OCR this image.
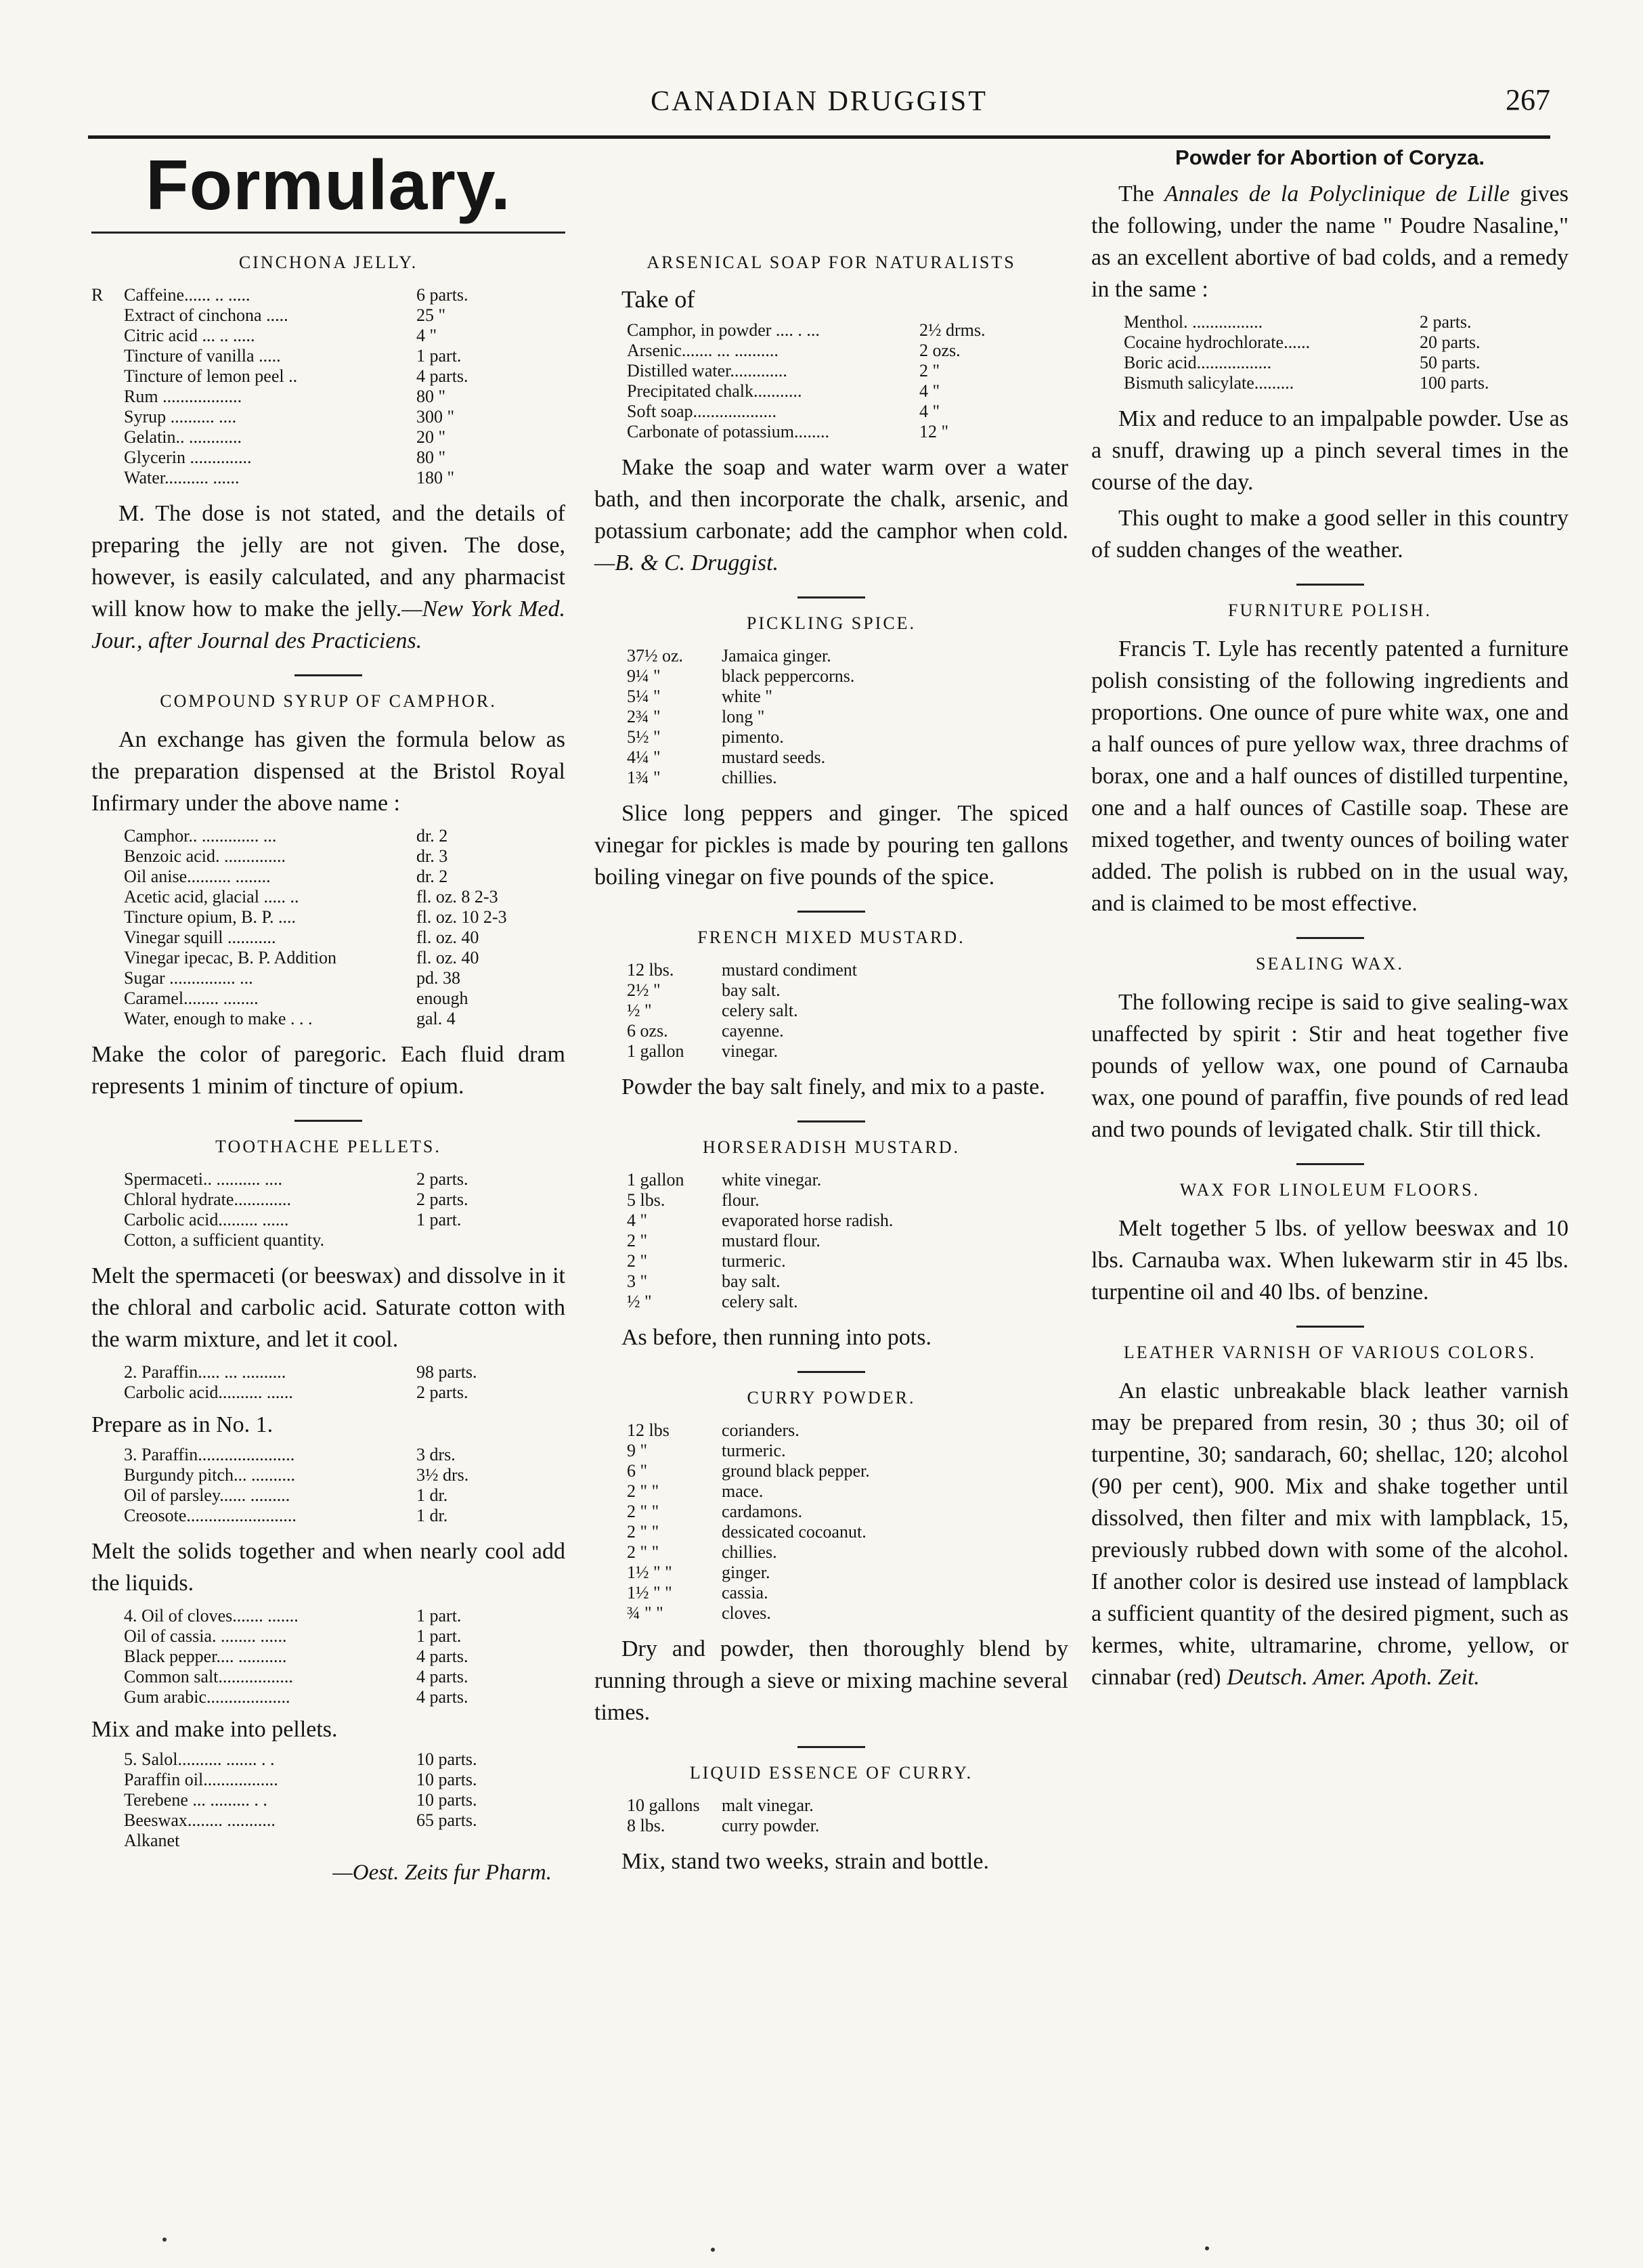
CANADIAN DRUGGIST	267
Formulary.
CINCHONA JELLY.
R	Caffeine...... .. .....	6 parts.
Extract of cinchona .....	25 "
Citric acid ... .. .....	4 "
Tincture of vanilla .....	1 part.
Tincture of lemon peel ..	4 parts.
Rum ..................	80 "
Syrup .......... ....	300 "
Gelatin.. ............	20 "
Glycerin ..............	80 "
Water.......... ......	180 "
M. The dose is not stated, and the details of preparing the jelly are not given. The dose, however, is easily calculated, and any pharmacist will know how to make the jelly.—New York Med. Jour., after Journal des Practiciens.
COMPOUND SYRUP OF CAMPHOR.
An exchange has given the formula below as the preparation dispensed at the Bristol Royal Infirmary under the above name :
Camphor.. ............. ...	dr. 2
Benzoic acid. ..............	dr. 3
Oil anise.......... ........	dr. 2
Acetic acid, glacial ..... ..	fl. oz. 8 2-3
Tincture opium, B. P. ....	fl. oz. 10 2-3
Vinegar squill ...........	fl. oz. 40
Vinegar ipecac, B. P. Addition	fl. oz. 40
Sugar ............... ...	pd. 38
Caramel........ ........	enough
Water, enough to make . . .	gal. 4
Make the color of paregoric. Each fluid dram represents 1 minim of tincture of opium.
TOOTHACHE PELLETS.
Spermaceti.. .......... ....	2 parts.
Chloral hydrate.............	2 parts.
Carbolic acid......... ......	1 part.
Cotton, a sufficient quantity.
Melt the spermaceti (or beeswax) and dissolve in it the chloral and carbolic acid. Saturate cotton with the warm mixture, and let it cool.
2. Paraffin..... ... ..........	98 parts.
Carbolic acid.......... ......	2 parts.
Prepare as in No. 1.
3. Paraffin......................	3 drs.
Burgundy pitch... ..........	3½ drs.
Oil of parsley...... .........	1 dr.
Creosote.........................	1 dr.
Melt the solids together and when nearly cool add the liquids.
4. Oil of cloves....... .......	1 part.
Oil of cassia. ........ ......	1 part.
Black pepper.... ...........	4 parts.
Common salt.................	4 parts.
Gum arabic...................	4 parts.
Mix and make into pellets.
5. Salol.......... ....... . .	10 parts.
Paraffin oil.................	10 parts.
Terebene ... ......... . .	10 parts.
Beeswax........ ...........	65 parts.
Alkanet
—Oest. Zeits fur Pharm.
ARSENICAL SOAP FOR NATURALISTS
Take of
Camphor, in powder .... . ...	2½ drms.
Arsenic....... ... ..........	2 ozs.
Distilled water.............	2 "
Precipitated chalk...........	4 "
Soft soap...................	4 "
Carbonate of potassium........	12 "
Make the soap and water warm over a water bath, and then incorporate the chalk, arsenic, and potassium carbonate; add the camphor when cold.—B. & C. Druggist.
PICKLING SPICE.
37½ oz.	Jamaica ginger.
9¼ "	black peppercorns.
5¼ "	white "
2¾ "	long "
5½ "	pimento.
4¼ "	mustard seeds.
1¾ "	chillies.
Slice long peppers and ginger. The spiced vinegar for pickles is made by pouring ten gallons boiling vinegar on five pounds of the spice.
FRENCH MIXED MUSTARD.
12 lbs.	mustard condiment
2½ "	bay salt.
½ "	celery salt.
6 ozs.	cayenne.
1 gallon	vinegar.
Powder the bay salt finely, and mix to a paste.
HORSERADISH MUSTARD.
1 gallon	white vinegar.
5 lbs.	flour.
4 "	evaporated horse radish.
2 "	mustard flour.
2 "	turmeric.
3 "	bay salt.
½ "	celery salt.
As before, then running into pots.
CURRY POWDER.
12 lbs	corianders.
9 "	turmeric.
6 "	ground black pepper.
2 " "	mace.
2 " "	cardamons.
2 " "	dessicated cocoanut.
2 " "	chillies.
1½ " "	ginger.
1½ " "	cassia.
¾ " "	cloves.
Dry and powder, then thoroughly blend by running through a sieve or mixing machine several times.
LIQUID ESSENCE OF CURRY.
10 gallons	malt vinegar.
8 lbs.	curry powder.
Mix, stand two weeks, strain and bottle.
Powder for Abortion of Coryza.
The Annales de la Polyclinique de Lille gives the following, under the name " Poudre Nasaline," as an excellent abortive of bad colds, and a remedy in the same :
Menthol. ................	2 parts.
Cocaine hydrochlorate......	20 parts.
Boric acid.................	50 parts.
Bismuth salicylate.........	100 parts.
Mix and reduce to an impalpable powder. Use as a snuff, drawing up a pinch several times in the course of the day.
This ought to make a good seller in this country of sudden changes of the weather.
FURNITURE POLISH.
Francis T. Lyle has recently patented a furniture polish consisting of the following ingredients and proportions. One ounce of pure white wax, one and a half ounces of pure yellow wax, three drachms of borax, one and a half ounces of distilled turpentine, one and a half ounces of Castille soap. These are mixed together, and twenty ounces of boiling water added. The polish is rubbed on in the usual way, and is claimed to be most effective.
SEALING WAX.
The following recipe is said to give sealing-wax unaffected by spirit : Stir and heat together five pounds of yellow wax, one pound of Carnauba wax, one pound of paraffin, five pounds of red lead and two pounds of levigated chalk. Stir till thick.
WAX FOR LINOLEUM FLOORS.
Melt together 5 lbs. of yellow beeswax and 10 lbs. Carnauba wax. When lukewarm stir in 45 lbs. turpentine oil and 40 lbs. of benzine.
LEATHER VARNISH OF VARIOUS COLORS.
An elastic unbreakable black leather varnish may be prepared from resin, 30 ; thus 30; oil of turpentine, 30; sandarach, 60; shellac, 120; alcohol (90 per cent), 900. Mix and shake together until dissolved, then filter and mix with lampblack, 15, previously rubbed down with some of the alcohol. If another color is desired use instead of lampblack a sufficient quantity of the desired pigment, such as kermes, white, ultramarine, chrome, yellow, or cinnabar (red) Deutsch. Amer. Apoth. Zeit.
